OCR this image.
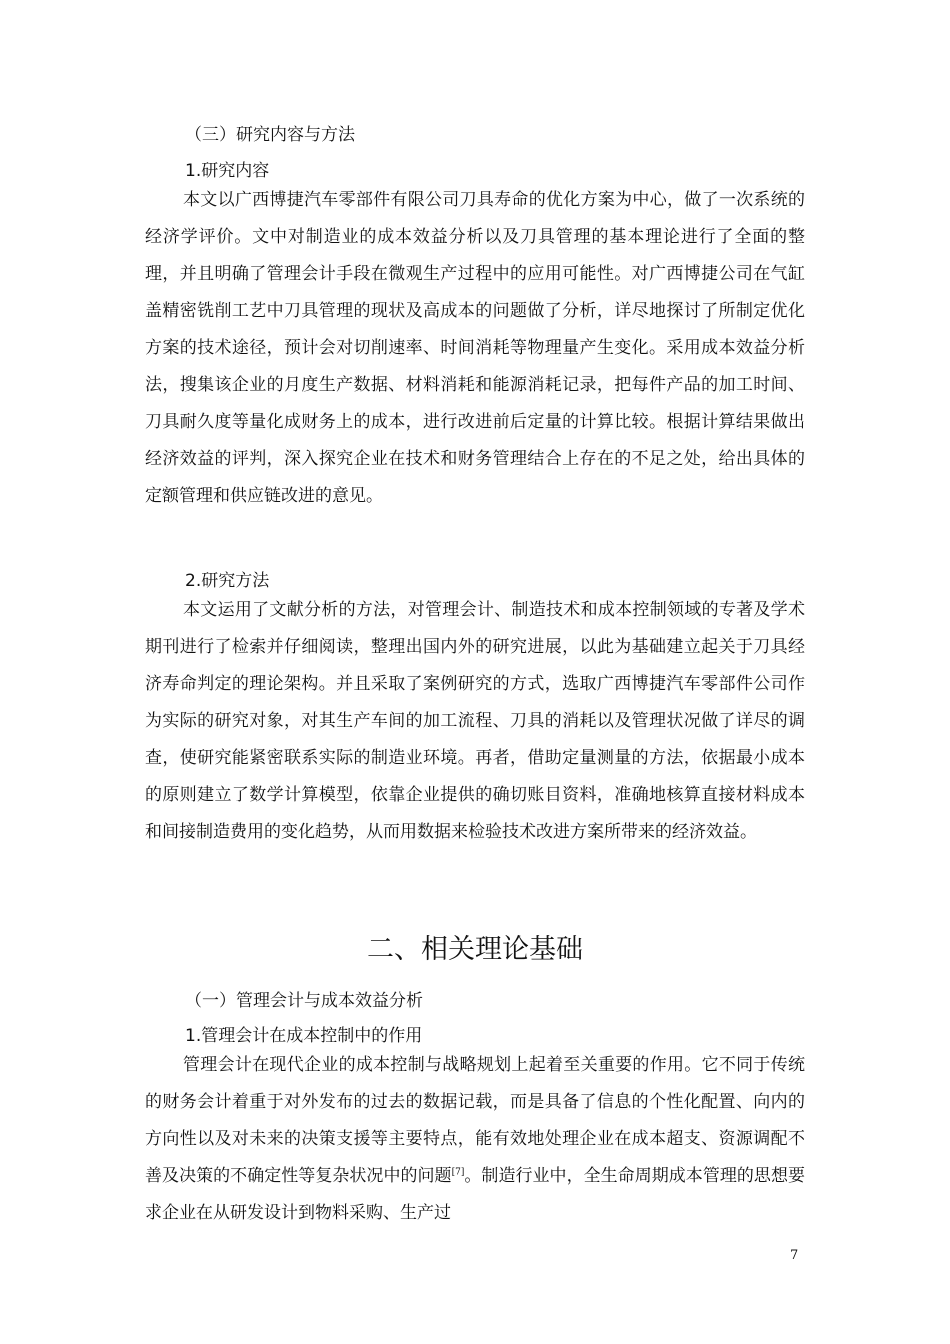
（三）研究内容与方法
1.研究内容

本文以广西博捷汽车零部件有限公司刀具寿命的优化方案为中心，做了一次系统的经济学评价。文中对制造业的成本效益分析以及刀具管理的基本理论进行了全面的整理，并且明确了管理会计手段在微观生产过程中的应用可能性。对广西博捷公司在气缸盖精密铣削工艺中刀具管理的现状及高成本的问题做了分析，详尽地探讨了所制定优化方案的技术途径，预计会对切削速率、时间消耗等物理量产生变化。采用成本效益分析法，搜集该企业的月度生产数据、材料消耗和能源消耗记录，把每件产品的加工时间、刀具耐久度等量化成财务上的成本，进行改进前后定量的计算比较。根据计算结果做出经济效益的评判，深入探究企业在技术和财务管理结合上存在的不足之处，给出具体的定额管理和供应链改进的意见。

2.研究方法

本文运用了文献分析的方法，对管理会计、制造技术和成本控制领域的专著及学术期刊进行了检索并仔细阅读，整理出国内外的研究进展，以此为基础建立起关于刀具经济寿命判定的理论架构。并且采取了案例研究的方式，选取广西博捷汽车零部件公司作为实际的研究对象，对其生产车间的加工流程、刀具的消耗以及管理状况做了详尽的调查，使研究能紧密联系实际的制造业环境。再者，借助定量测量的方法，依据最小成本的原则建立了数学计算模型，依靠企业提供的确切账目资料，准确地核算直接材料成本和间接制造费用的变化趋势，从而用数据来检验技术改进方案所带来的经济效益。

二、相关理论基础
（一）管理会计与成本效益分析
1.管理会计在成本控制中的作用

管理会计在现代企业的成本控制与战略规划上起着至关重要的作用。它不同于传统的财务会计着重于对外发布的过去的数据记载，而是具备了信息的个性化配置、向内的方向性以及对未来的决策支援等主要特点，能有效地处理企业在成本超支、资源调配不善及决策的不确定性等复杂状况中的问题[7]。制造行业中，全生命周期成本管理的思想要求企业在从研发设计到物料采购、生产过

7
